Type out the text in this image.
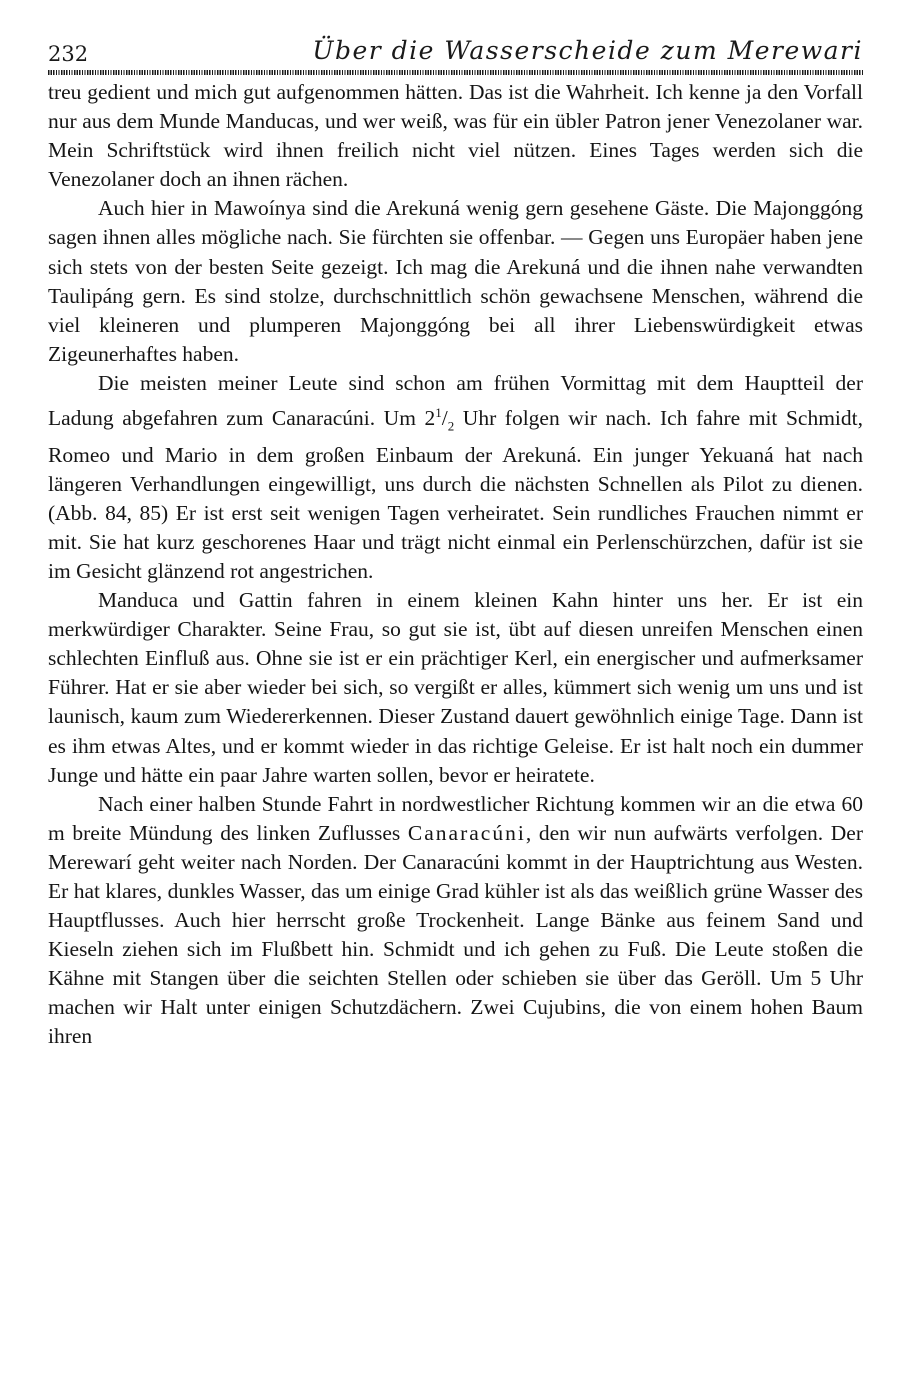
232	Über die Wasserscheide zum Merewari

treu gedient und mich gut aufgenommen hätten. Das ist die Wahrheit. Ich kenne ja den Vorfall nur aus dem Munde Manducas, und wer weiß, was für ein übler Patron jener Venezolaner war. Mein Schriftstück wird ihnen freilich nicht viel nützen. Eines Tages werden sich die Venezolaner doch an ihnen rächen.

Auch hier in Mawoínya sind die Arekuná wenig gern gesehene Gäste. Die Majonggóng sagen ihnen alles mögliche nach. Sie fürchten sie offenbar. — Gegen uns Europäer haben jene sich stets von der besten Seite gezeigt. Ich mag die Arekuná und die ihnen nahe verwandten Taulipáng gern. Es sind stolze, durchschnittlich schön gewachsene Menschen, während die viel kleineren und plumperen Majonggóng bei all ihrer Liebenswürdigkeit etwas Zigeunerhaftes haben.

Die meisten meiner Leute sind schon am frühen Vormittag mit dem Hauptteil der Ladung abgefahren zum Canaracúni. Um $2^1/_2$ Uhr folgen wir nach. Ich fahre mit Schmidt, Romeo und Mario in dem großen Einbaum der Arekuná. Ein junger Yekuaná hat nach längeren Verhandlungen eingewilligt, uns durch die nächsten Schnellen als Pilot zu dienen. (Abb. 84, 85) Er ist erst seit wenigen Tagen verheiratet. Sein rundliches Frauchen nimmt er mit. Sie hat kurz geschorenes Haar und trägt nicht einmal ein Perlenschürzchen, dafür ist sie im Gesicht glänzend rot angestrichen.

Manduca und Gattin fahren in einem kleinen Kahn hinter uns her. Er ist ein merkwürdiger Charakter. Seine Frau, so gut sie ist, übt auf diesen unreifen Menschen einen schlechten Einfluß aus. Ohne sie ist er ein prächtiger Kerl, ein energischer und aufmerksamer Führer. Hat er sie aber wieder bei sich, so vergißt er alles, kümmert sich wenig um uns und ist launisch, kaum zum Wiedererkennen. Dieser Zustand dauert gewöhnlich einige Tage. Dann ist es ihm etwas Altes, und er kommt wieder in das richtige Geleise. Er ist halt noch ein dummer Junge und hätte ein paar Jahre warten sollen, bevor er heiratete.

Nach einer halben Stunde Fahrt in nordwestlicher Richtung kommen wir an die etwa 60 m breite Mündung des linken Zuflusses Canaracúni, den wir nun aufwärts verfolgen. Der Merewarí geht weiter nach Norden. Der Canaracúni kommt in der Hauptrichtung aus Westen. Er hat klares, dunkles Wasser, das um einige Grad kühler ist als das weißlich grüne Wasser des Hauptflusses. Auch hier herrscht große Trockenheit. Lange Bänke aus feinem Sand und Kieseln ziehen sich im Flußbett hin. Schmidt und ich gehen zu Fuß. Die Leute stoßen die Kähne mit Stangen über die seichten Stellen oder schieben sie über das Geröll. Um 5 Uhr machen wir Halt unter einigen Schutzdächern. Zwei Cujubins, die von einem hohen Baum ihren
